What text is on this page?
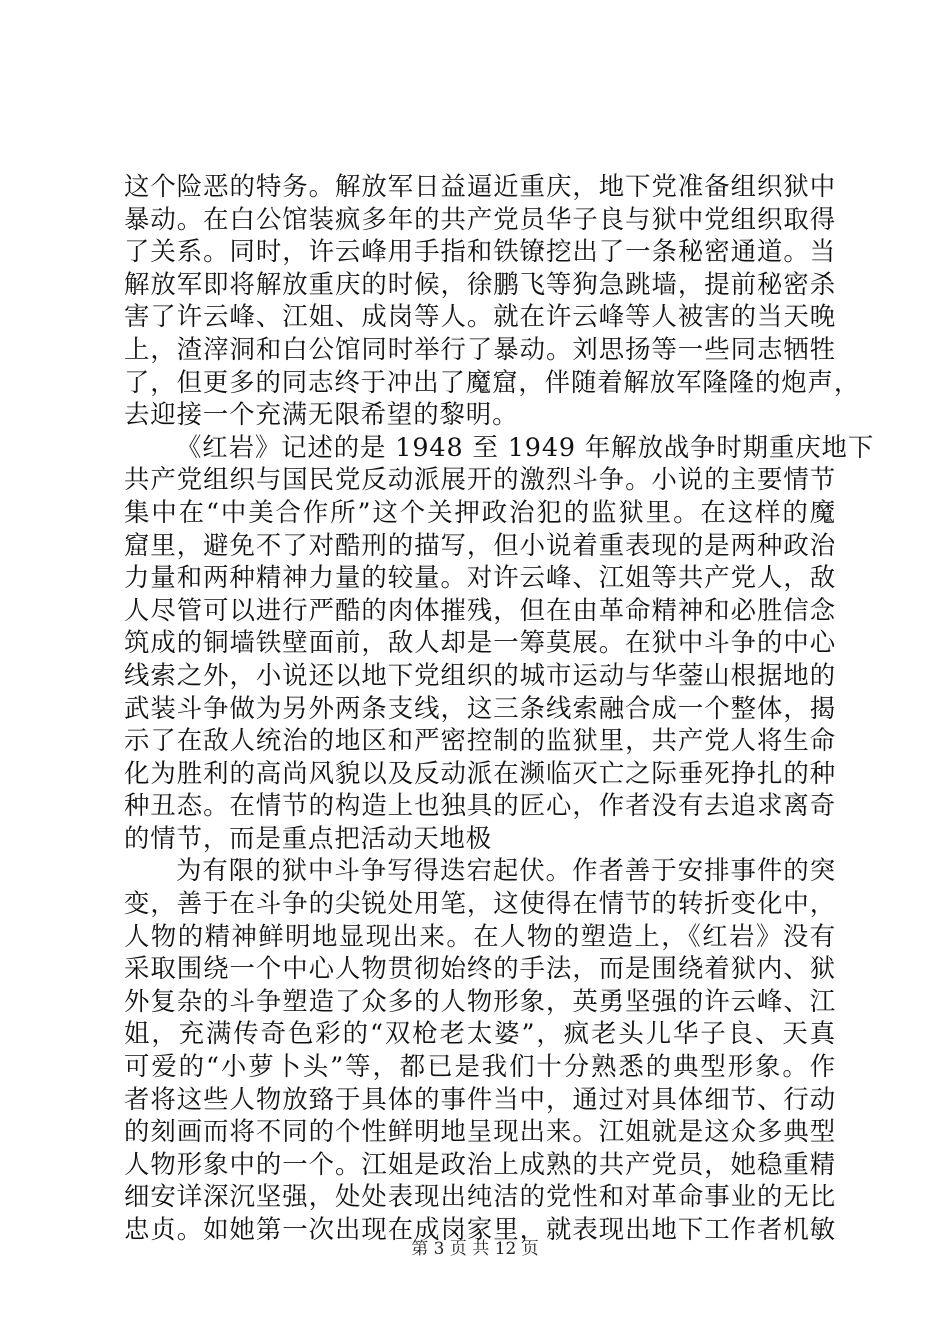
这个险恶的特务。解放军日益逼近重庆，地下党准备组织狱中
暴动。在白公馆装疯多年的共产党员华子良与狱中党组织取得
了关系。同时，许云峰用手指和铁镣挖出了一条秘密通道。当
解放军即将解放重庆的时候，徐鹏飞等狗急跳墙，提前秘密杀
害了许云峰、江姐、成岗等人。就在许云峰等人被害的当天晚
上，渣滓洞和白公馆同时举行了暴动。刘思扬等一些同志牺牲
了，但更多的同志终于冲出了魔窟，伴随着解放军隆隆的炮声，
去迎接一个充满无限希望的黎明。
《红岩》记述的是 1948 至 1949 年解放战争时期重庆地下
共产党组织与国民党反动派展开的激烈斗争。小说的主要情节
集中在“中美合作所”这个关押政治犯的监狱里。在这样的魔
窟里，避免不了对酷刑的描写，但小说着重表现的是两种政治
力量和两种精神力量的较量。对许云峰、江姐等共产党人，敌
人尽管可以进行严酷的肉体摧残，但在由革命精神和必胜信念
筑成的铜墙铁壁面前，敌人却是一筹莫展。在狱中斗争的中心
线索之外，小说还以地下党组织的城市运动与华蓥山根据地的
武装斗争做为另外两条支线，这三条线索融合成一个整体，揭
示了在敌人统治的地区和严密控制的监狱里，共产党人将生命
化为胜利的高尚风貌以及反动派在濒临灭亡之际垂死挣扎的种
种丑态。在情节的构造上也独具的匠心，作者没有去追求离奇
的情节，而是重点把活动天地极
为有限的狱中斗争写得迭宕起伏。作者善于安排事件的突
变，善于在斗争的尖锐处用笔，这使得在情节的转折变化中，
人物的精神鲜明地显现出来。在人物的塑造上，《红岩》没有
采取围绕一个中心人物贯彻始终的手法，而是围绕着狱内、狱
外复杂的斗争塑造了众多的人物形象，英勇坚强的许云峰、江
姐，充满传奇色彩的“双枪老太婆”，疯老头儿华子良、天真
可爱的“小萝卜头”等，都已是我们十分熟悉的典型形象。作
者将这些人物放臵于具体的事件当中，通过对具体细节、行动
的刻画而将不同的个性鲜明地呈现出来。江姐就是这众多典型
人物形象中的一个。江姐是政治上成熟的共产党员，她稳重精
细安详深沉坚强，处处表现出纯洁的党性和对革命事业的无比
忠贞。如她第一次出现在成岗家里，就表现出地下工作者机敏
第 3 页 共 12 页
